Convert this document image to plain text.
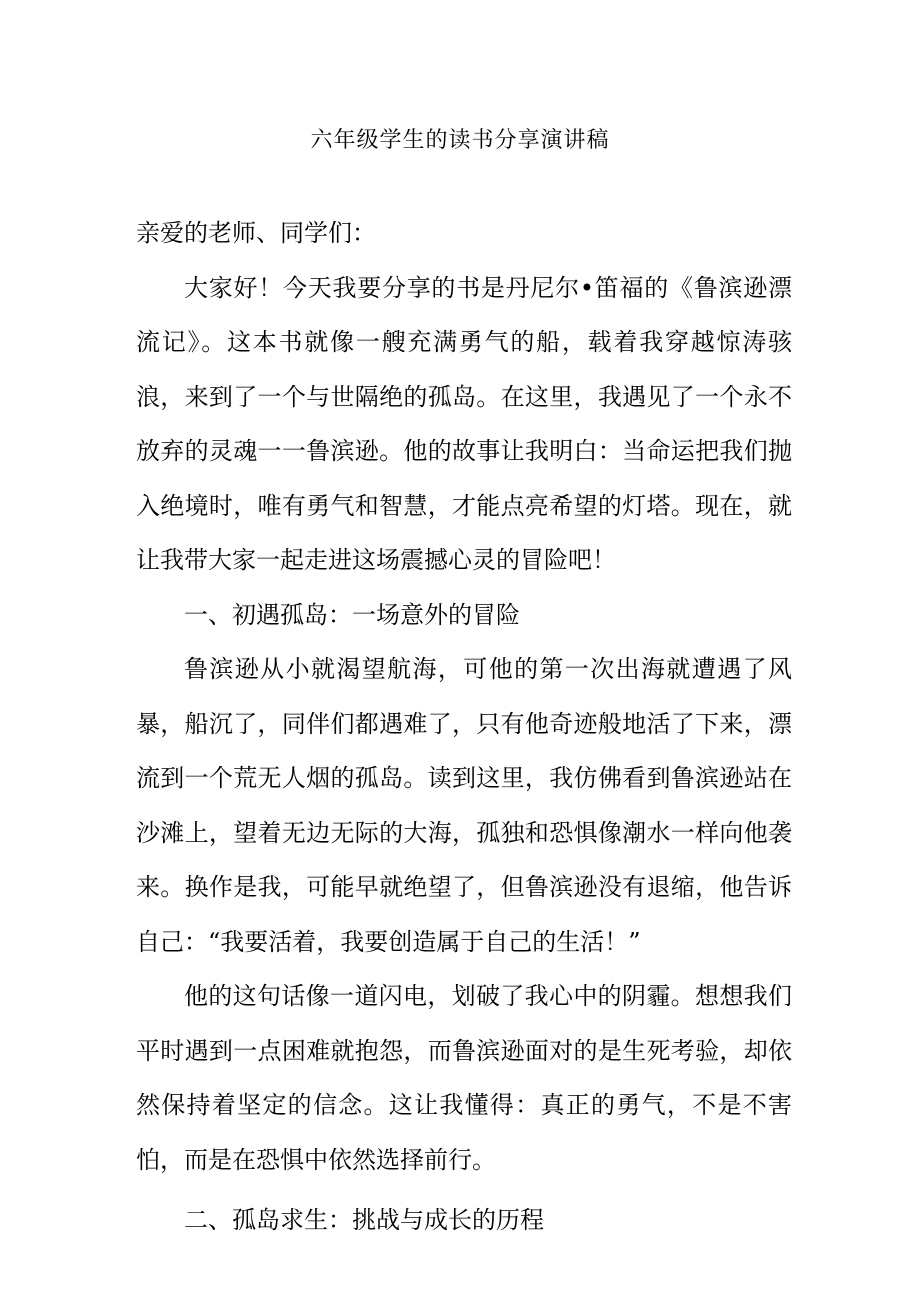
六年级学生的读书分享演讲稿

亲爱的老师、同学们：

大家好！今天我要分享的书是丹尼尔•笛福的《鲁滨逊漂流记》。这本书就像一艘充满勇气的船，载着我穿越惊涛骇浪，来到了一个与世隔绝的孤岛。在这里，我遇见了一个永不放弃的灵魂一一鲁滨逊。他的故事让我明白：当命运把我们抛入绝境时，唯有勇气和智慧，才能点亮希望的灯塔。现在，就让我带大家一起走进这场震撼心灵的冒险吧！

一、初遇孤岛：一场意外的冒险

鲁滨逊从小就渴望航海，可他的第一次出海就遭遇了风暴，船沉了，同伴们都遇难了，只有他奇迹般地活了下来，漂流到一个荒无人烟的孤岛。读到这里，我仿佛看到鲁滨逊站在沙滩上，望着无边无际的大海，孤独和恐惧像潮水一样向他袭来。换作是我，可能早就绝望了，但鲁滨逊没有退缩，他告诉自己：“我要活着，我要创造属于自己的生活！”

他的这句话像一道闪电，划破了我心中的阴霾。想想我们平时遇到一点困难就抱怨，而鲁滨逊面对的是生死考验，却依然保持着坚定的信念。这让我懂得：真正的勇气，不是不害怕，而是在恐惧中依然选择前行。

二、孤岛求生：挑战与成长的历程
